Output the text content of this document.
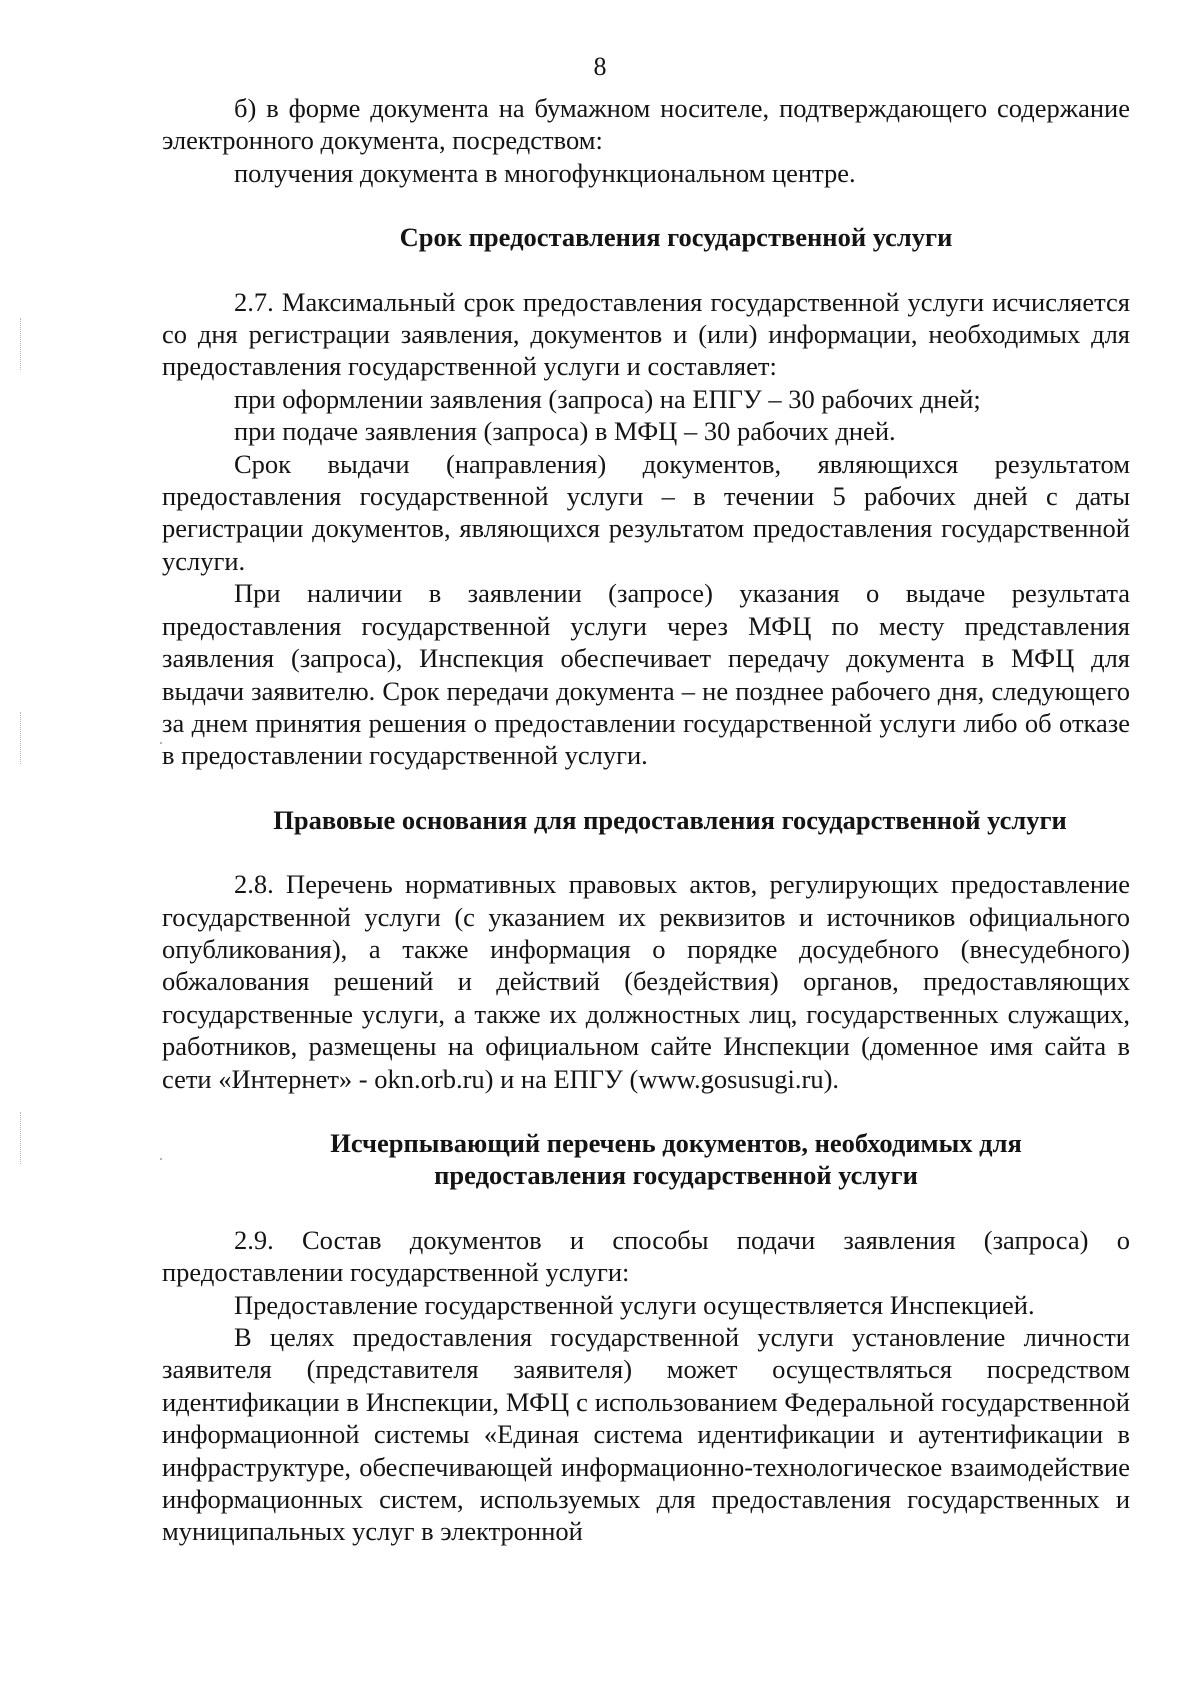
8

б) в форме документа на бумажном носителе, подтверждающего содержание электронного документа, посредством:

получения документа в многофункциональном центре.

Срок предоставления государственной услуги

2.7. Максимальный срок предоставления государственной услуги исчисляется со дня регистрации заявления, документов и (или) информации, необходимых для предоставления государственной услуги и составляет:

при оформлении заявления (запроса) на ЕПГУ – 30 рабочих дней;

при подаче заявления (запроса) в МФЦ – 30 рабочих дней.

Срок выдачи (направления) документов, являющихся результатом предоставления государственной услуги – в течении 5 рабочих дней с даты регистрации документов, являющихся результатом предоставления государственной услуги.

При наличии в заявлении (запросе) указания о выдаче результата предоставления государственной услуги через МФЦ по месту представления заявления (запроса), Инспекция обеспечивает передачу документа в МФЦ для выдачи заявителю. Срок передачи документа – не позднее рабочего дня, следующего за днем принятия решения о предоставлении государственной услуги либо об отказе в предоставлении государственной услуги.

Правовые основания для предоставления государственной услуги

2.8. Перечень нормативных правовых актов, регулирующих предоставление государственной услуги (с указанием их реквизитов и источников официального опубликования), а также информация о порядке досудебного (внесудебного) обжалования решений и действий (бездействия) органов, предоставляющих государственные услуги, а также их должностных лиц, государственных служащих, работников, размещены на официальном сайте Инспекции (доменное имя сайта в сети «Интернет» - okn.orb.ru) и на ЕПГУ (www.gosusugi.ru).

Исчерпывающий перечень документов, необходимых для
предоставления государственной услуги

2.9. Состав документов и способы подачи заявления (запроса) о предоставлении государственной услуги:

Предоставление государственной услуги осуществляется Инспекцией.

В целях предоставления государственной услуги установление личности заявителя (представителя заявителя) может осуществляться посредством идентификации в Инспекции, МФЦ с использованием Федеральной государственной информационной системы «Единая система идентификации и аутентификации в инфраструктуре, обеспечивающей информационно-технологическое взаимодействие информационных систем, используемых для предоставления государственных и муниципальных услуг в электронной
